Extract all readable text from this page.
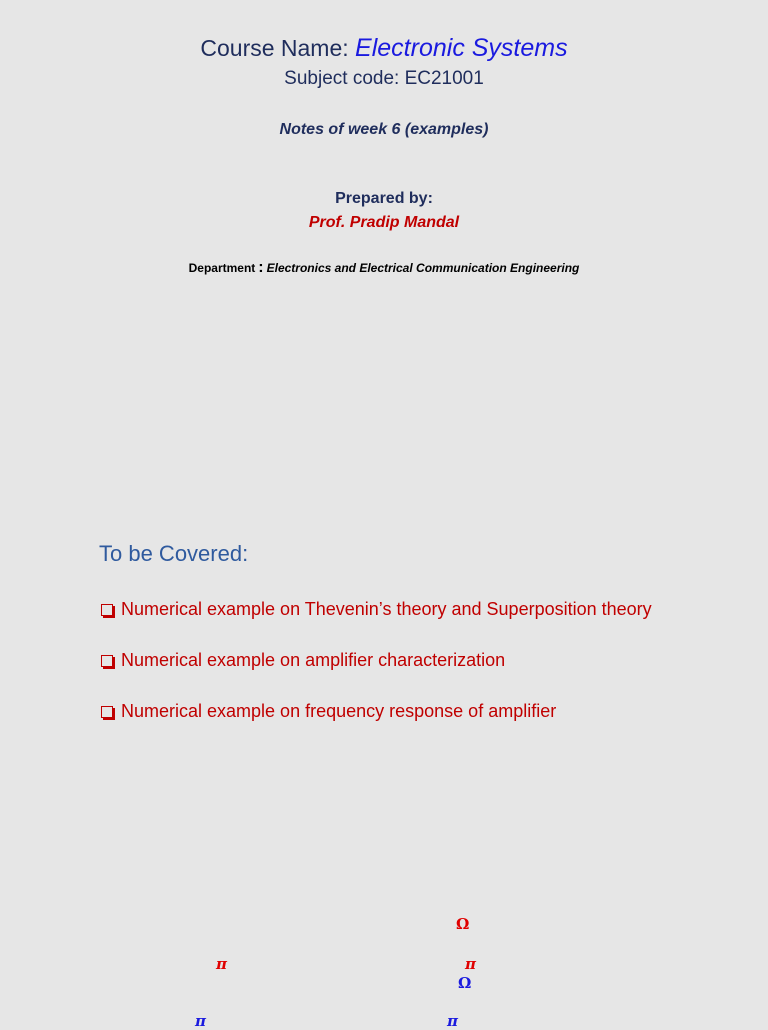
Course Name: Electronic Systems
Subject code: EC21001
Notes of week 6 (examples)
Prepared by:
Prof. Pradip Mandal
Department : Electronics and Electrical Communication Engineering
To be Covered:
Numerical example on Thevenin’s theory and Superposition theory
Numerical example on amplifier characterization
Numerical example on frequency response of amplifier
Ω
π	π
Ω
π	π
